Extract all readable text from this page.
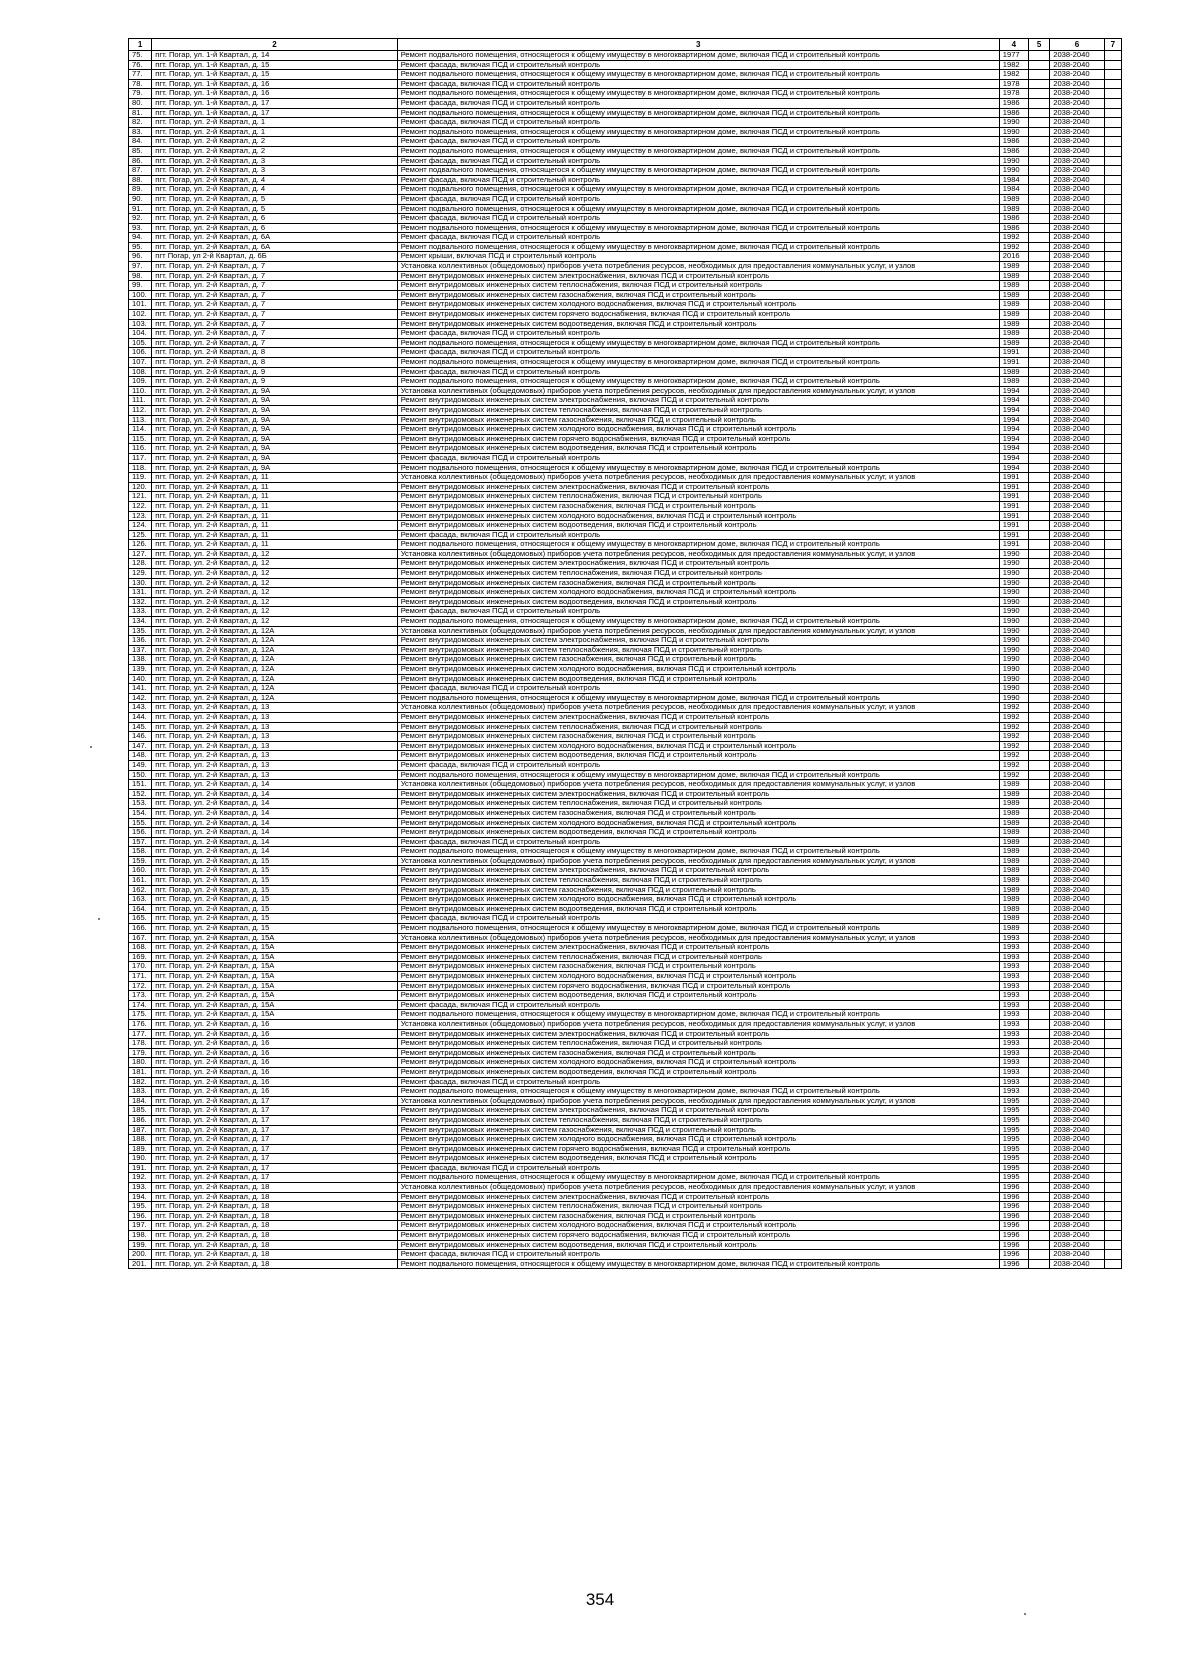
1	2	3	4	5	6	7
75.	пгт. Погар, ул. 1-й Квартал, д. 14	Ремонт подвального помещения, относящегося к общему имуществу в многоквартирном доме, включая ПСД и строительный контроль	1977		2038-2040	
76.	пгт. Погар, ул. 1-й Квартал, д. 15	Ремонт фасада, включая ПСД и строительный контроль	1982		2038-2040	
77.	пгт. Погар, ул. 1-й Квартал, д. 15	Ремонт подвального помещения, относящегося к общему имуществу в многоквартирном доме, включая ПСД и строительный контроль	1982		2038-2040	
78.	пгт. Погар, ул. 1-й Квартал, д. 16	Ремонт фасада, включая ПСД и строительный контроль	1978		2038-2040	
79.	пгт. Погар, ул. 1-й Квартал, д. 16	Ремонт подвального помещения, относящегося к общему имуществу в многоквартирном доме, включая ПСД и строительный контроль	1978		2038-2040	
80.	пгт. Погар, ул. 1-й Квартал, д. 17	Ремонт фасада, включая ПСД и строительный контроль	1986		2038-2040	
81.	пгт. Погар, ул. 1-й Квартал, д. 17	Ремонт подвального помещения, относящегося к общему имуществу в многоквартирном доме, включая ПСД и строительный контроль	1986		2038-2040	
82.	пгт. Погар, ул. 2-й Квартал, д. 1	Ремонт фасада, включая ПСД и строительный контроль	1990		2038-2040	
83.	пгт. Погар, ул. 2-й Квартал, д. 1	Ремонт подвального помещения, относящегося к общему имуществу в многоквартирном доме, включая ПСД и строительный контроль	1990		2038-2040	
84.	пгт. Погар, ул. 2-й Квартал, д. 2	Ремонт фасада, включая ПСД и строительный контроль	1986		2038-2040	
85.	пгт. Погар, ул. 2-й Квартал, д. 2	Ремонт подвального помещения, относящегося к общему имуществу в многоквартирном доме, включая ПСД и строительный контроль	1986		2038-2040	
86.	пгт. Погар, ул. 2-й Квартал, д. 3	Ремонт фасада, включая ПСД и строительный контроль	1990		2038-2040	
87.	пгт. Погар, ул. 2-й Квартал, д. 3	Ремонт подвального помещения, относящегося к общему имуществу в многоквартирном доме, включая ПСД и строительный контроль	1990		2038-2040	
88.	пгт. Погар, ул. 2-й Квартал, д. 4	Ремонт фасада, включая ПСД и строительный контроль	1984		2038-2040	
89.	пгт. Погар, ул. 2-й Квартал, д. 4	Ремонт подвального помещения, относящегося к общему имуществу в многоквартирном доме, включая ПСД и строительный контроль	1984		2038-2040	
90.	пгт. Погар, ул. 2-й Квартал, д. 5	Ремонт фасада, включая ПСД и строительный контроль	1989		2038-2040	
91.	пгт. Погар, ул. 2-й Квартал, д. 5	Ремонт подвального помещения, относящегося к общему имуществу в многоквартирном доме, включая ПСД и строительный контроль	1989		2038-2040	
92.	пгт. Погар, ул. 2-й Квартал, д. 6	Ремонт фасада, включая ПСД и строительный контроль	1986		2038-2040	
93.	пгт. Погар, ул. 2-й Квартал, д. 6	Ремонт подвального помещения, относящегося к общему имуществу в многоквартирном доме, включая ПСД и строительный контроль	1986		2038-2040	
94.	пгт. Погар, ул. 2-й Квартал, д. 6А	Ремонт фасада, включая ПСД и строительный контроль	1992		2038-2040	
95.	пгт. Погар, ул. 2-й Квартал, д. 6А	Ремонт подвального помещения, относящегося к общему имуществу в многоквартирном доме, включая ПСД и строительный контроль	1992		2038-2040	
96.	пгт Погар, ул 2-й Квартал, д. 6Б	Ремонт крыши, включая ПСД и строительный контроль	2016		2038-2040	
97.	пгт. Погар, ул. 2-й Квартал, д. 7	Установка коллективных (общедомовых) приборов учета потребления ресурсов, необходимых для предоставления коммунальных услуг, и узлов	1989		2038-2040	
98.	пгт. Погар, ул. 2-й Квартал, д. 7	Ремонт внутридомовых инженерных систем электроснабжения, включая ПСД и строительный контроль	1989		2038-2040	
99.	пгт. Погар, ул. 2-й Квартал, д. 7	Ремонт внутридомовых инженерных систем теплоснабжения, включая ПСД и строительный контроль	1989		2038-2040	
100.	пгт. Погар, ул. 2-й Квартал, д. 7	Ремонт внутридомовых инженерных систем газоснабжения, включая ПСД и строительный контроль	1989		2038-2040	
101.	пгт. Погар, ул. 2-й Квартал, д. 7	Ремонт внутридомовых инженерных систем холодного водоснабжения, включая ПСД и строительный контроль	1989		2038-2040	
102.	пгт. Погар, ул. 2-й Квартал, д. 7	Ремонт внутридомовых инженерных систем горячего водоснабжения, включая ПСД и строительный контроль	1989		2038-2040	
103.	пгт. Погар, ул. 2-й Квартал, д. 7	Ремонт внутридомовых инженерных систем водоотведения, включая ПСД и строительный контроль	1989		2038-2040	
104.	пгт. Погар, ул. 2-й Квартал, д. 7	Ремонт фасада, включая ПСД и строительный контроль	1989		2038-2040	
105.	пгт. Погар, ул. 2-й Квартал, д. 7	Ремонт подвального помещения, относящегося к общему имуществу в многоквартирном доме, включая ПСД и строительный контроль	1989		2038-2040	
106.	пгт. Погар, ул. 2-й Квартал, д. 8	Ремонт фасада, включая ПСД и строительный контроль	1991		2038-2040	
107.	пгт. Погар, ул. 2-й Квартал, д. 8	Ремонт подвального помещения, относящегося к общему имуществу в многоквартирном доме, включая ПСД и строительный контроль	1991		2038-2040	
108.	пгт. Погар, ул. 2-й Квартал, д. 9	Ремонт фасада, включая ПСД и строительный контроль	1989		2038-2040	
109.	пгт. Погар, ул. 2-й Квартал, д. 9	Ремонт подвального помещения, относящегося к общему имуществу в многоквартирном доме, включая ПСД и строительный контроль	1989		2038-2040	
110.	пгт. Погар, ул. 2-й Квартал, д. 9А	Установка коллективных (общедомовых) приборов учета потребления ресурсов, необходимых для предоставления коммунальных услуг, и узлов	1994		2038-2040	
111.	пгт. Погар, ул. 2-й Квартал, д. 9А	Ремонт внутридомовых инженерных систем электроснабжения, включая ПСД и строительный контроль	1994		2038-2040	
112.	пгт. Погар, ул. 2-й Квартал, д. 9А	Ремонт внутридомовых инженерных систем теплоснабжения, включая ПСД и строительный контроль	1994		2038-2040	
113.	пгт. Погар, ул. 2-й Квартал, д. 9А	Ремонт внутридомовых инженерных систем газоснабжения, включая ПСД и строительный контроль	1994		2038-2040	
114.	пгт. Погар, ул. 2-й Квартал, д. 9А	Ремонт внутридомовых инженерных систем холодного водоснабжения, включая ПСД и строительный контроль	1994		2038-2040	
115.	пгт. Погар, ул. 2-й Квартал, д. 9А	Ремонт внутридомовых инженерных систем горячего водоснабжения, включая ПСД и строительный контроль	1994		2038-2040	
116.	пгт. Погар, ул. 2-й Квартал, д. 9А	Ремонт внутридомовых инженерных систем водоотведения, включая ПСД и строительный контроль	1994		2038-2040	
117.	пгт. Погар, ул. 2-й Квартал, д. 9А	Ремонт фасада, включая ПСД и строительный контроль	1994		2038-2040	
118.	пгт. Погар, ул. 2-й Квартал, д. 9А	Ремонт подвального помещения, относящегося к общему имуществу в многоквартирном доме, включая ПСД и строительный контроль	1994		2038-2040	
119.	пгт. Погар, ул. 2-й Квартал, д. 11	Установка коллективных (общедомовых) приборов учета потребления ресурсов, необходимых для предоставления коммунальных услуг, и узлов	1991		2038-2040	
120.	пгт. Погар, ул. 2-й Квартал, д. 11	Ремонт внутридомовых инженерных систем электроснабжения, включая ПСД и строительный контроль	1991		2038-2040	
121.	пгт. Погар, ул. 2-й Квартал, д. 11	Ремонт внутридомовых инженерных систем теплоснабжения, включая ПСД и строительный контроль	1991		2038-2040	
122.	пгт. Погар, ул. 2-й Квартал, д. 11	Ремонт внутридомовых инженерных систем газоснабжения, включая ПСД и строительный контроль	1991		2038-2040	
123.	пгт. Погар, ул. 2-й Квартал, д. 11	Ремонт внутридомовых инженерных систем холодного водоснабжения, включая ПСД и строительный контроль	1991		2038-2040	
124.	пгт. Погар, ул. 2-й Квартал, д. 11	Ремонт внутридомовых инженерных систем водоотведения, включая ПСД и строительный контроль	1991		2038-2040	
125.	пгт. Погар, ул. 2-й Квартал, д. 11	Ремонт фасада, включая ПСД и строительный контроль	1991		2038-2040	
126.	пгт. Погар, ул. 2-й Квартал, д. 11	Ремонт подвального помещения, относящегося к общему имуществу в многоквартирном доме, включая ПСД и строительный контроль	1991		2038-2040	
127.	пгт. Погар, ул. 2-й Квартал, д. 12	Установка коллективных (общедомовых) приборов учета потребления ресурсов, необходимых для предоставления коммунальных услуг, и узлов	1990		2038-2040	
128.	пгт. Погар, ул. 2-й Квартал, д. 12	Ремонт внутридомовых инженерных систем электроснабжения, включая ПСД и строительный контроль	1990		2038-2040	
129.	пгт. Погар, ул. 2-й Квартал, д. 12	Ремонт внутридомовых инженерных систем теплоснабжения, включая ПСД и строительный контроль	1990		2038-2040	
130.	пгт. Погар, ул. 2-й Квартал, д. 12	Ремонт внутридомовых инженерных систем газоснабжения, включая ПСД и строительный контроль	1990		2038-2040	
131.	пгт. Погар, ул. 2-й Квартал, д. 12	Ремонт внутридомовых инженерных систем холодного водоснабжения, включая ПСД и строительный контроль	1990		2038-2040	
132.	пгт. Погар, ул. 2-й Квартал, д. 12	Ремонт внутридомовых инженерных систем водоотведения, включая ПСД и строительный контроль	1990		2038-2040	
133.	пгт. Погар, ул. 2-й Квартал, д. 12	Ремонт фасада, включая ПСД и строительный контроль	1990		2038-2040	
134.	пгт. Погар, ул. 2-й Квартал, д. 12	Ремонт подвального помещения, относящегося к общему имуществу в многоквартирном доме, включая ПСД и строительный контроль	1990		2038-2040	
135.	пгт. Погар, ул. 2-й Квартал, д. 12А	Установка коллективных (общедомовых) приборов учета потребления ресурсов, необходимых для предоставления коммунальных услуг, и узлов	1990		2038-2040	
136.	пгт. Погар, ул. 2-й Квартал, д. 12А	Ремонт внутридомовых инженерных систем электроснабжения, включая ПСД и строительный контроль	1990		2038-2040	
137.	пгт. Погар, ул. 2-й Квартал, д. 12А	Ремонт внутридомовых инженерных систем теплоснабжения, включая ПСД и строительный контроль	1990		2038-2040	
138.	пгт. Погар, ул. 2-й Квартал, д. 12А	Ремонт внутридомовых инженерных систем газоснабжения, включая ПСД и строительный контроль	1990		2038-2040	
139.	пгт. Погар, ул. 2-й Квартал, д. 12А	Ремонт внутридомовых инженерных систем холодного водоснабжения, включая ПСД и строительный контроль	1990		2038-2040	
140.	пгт. Погар, ул. 2-й Квартал, д. 12А	Ремонт внутридомовых инженерных систем водоотведения, включая ПСД и строительный контроль	1990		2038-2040	
141.	пгт. Погар, ул. 2-й Квартал, д. 12А	Ремонт фасада, включая ПСД и строительный контроль	1990		2038-2040	
142.	пгт. Погар, ул. 2-й Квартал, д. 12А	Ремонт подвального помещения, относящегося к общему имуществу в многоквартирном доме, включая ПСД и строительный контроль	1990		2038-2040	
143.	пгт. Погар, ул. 2-й Квартал, д. 13	Установка коллективных (общедомовых) приборов учета потребления ресурсов, необходимых для предоставления коммунальных услуг, и узлов	1992		2038-2040	
144.	пгт. Погар, ул. 2-й Квартал, д. 13	Ремонт внутридомовых инженерных систем электроснабжения, включая ПСД и строительный контроль	1992		2038-2040	
145.	пгт. Погар, ул. 2-й Квартал, д. 13	Ремонт внутридомовых инженерных систем теплоснабжения, включая ПСД и строительный контроль	1992		2038-2040	
146.	пгт. Погар, ул. 2-й Квартал, д. 13	Ремонт внутридомовых инженерных систем газоснабжения, включая ПСД и строительный контроль	1992		2038-2040	
147.	пгт. Погар, ул. 2-й Квартал, д. 13	Ремонт внутридомовых инженерных систем холодного водоснабжения, включая ПСД и строительный контроль	1992		2038-2040	
148.	пгт. Погар, ул. 2-й Квартал, д. 13	Ремонт внутридомовых инженерных систем водоотведения, включая ПСД и строительный контроль	1992		2038-2040	
149.	пгт. Погар, ул. 2-й Квартал, д. 13	Ремонт фасада, включая ПСД и строительный контроль	1992		2038-2040	
150.	пгт. Погар, ул. 2-й Квартал, д. 13	Ремонт подвального помещения, относящегося к общему имуществу в многоквартирном доме, включая ПСД и строительный контроль	1992		2038-2040	
151.	пгт. Погар, ул. 2-й Квартал, д. 14	Установка коллективных (общедомовых) приборов учета потребления ресурсов, необходимых для предоставления коммунальных услуг, и узлов	1989		2038-2040	
152.	пгт. Погар, ул. 2-й Квартал, д. 14	Ремонт внутридомовых инженерных систем электроснабжения, включая ПСД и строительный контроль	1989		2038-2040	
153.	пгт. Погар, ул. 2-й Квартал, д. 14	Ремонт внутридомовых инженерных систем теплоснабжения, включая ПСД и строительный контроль	1989		2038-2040	
154.	пгт. Погар, ул. 2-й Квартал, д. 14	Ремонт внутридомовых инженерных систем газоснабжения, включая ПСД и строительный контроль	1989		2038-2040	
155.	пгт. Погар, ул. 2-й Квартал, д. 14	Ремонт внутридомовых инженерных систем холодного водоснабжения, включая ПСД и строительный контроль	1989		2038-2040	
156.	пгт. Погар, ул. 2-й Квартал, д. 14	Ремонт внутридомовых инженерных систем водоотведения, включая ПСД и строительный контроль	1989		2038-2040	
157.	пгт. Погар, ул. 2-й Квартал, д. 14	Ремонт фасада, включая ПСД и строительный контроль	1989		2038-2040	
158.	пгт. Погар, ул. 2-й Квартал, д. 14	Ремонт подвального помещения, относящегося к общему имуществу в многоквартирном доме, включая ПСД и строительный контроль	1989		2038-2040	
159.	пгт. Погар, ул. 2-й Квартал, д. 15	Установка коллективных (общедомовых) приборов учета потребления ресурсов, необходимых для предоставления коммунальных услуг, и узлов	1989		2038-2040	
160.	пгт. Погар, ул. 2-й Квартал, д. 15	Ремонт внутридомовых инженерных систем электроснабжения, включая ПСД и строительный контроль	1989		2038-2040	
161.	пгт. Погар, ул. 2-й Квартал, д. 15	Ремонт внутридомовых инженерных систем теплоснабжения, включая ПСД и строительный контроль	1989		2038-2040	
162.	пгт. Погар, ул. 2-й Квартал, д. 15	Ремонт внутридомовых инженерных систем газоснабжения, включая ПСД и строительный контроль	1989		2038-2040	
163.	пгт. Погар, ул. 2-й Квартал, д. 15	Ремонт внутридомовых инженерных систем холодного водоснабжения, включая ПСД и строительный контроль	1989		2038-2040	
164.	пгт. Погар, ул. 2-й Квартал, д. 15	Ремонт внутридомовых инженерных систем водоотведения, включая ПСД и строительный контроль	1989		2038-2040	
165.	пгт. Погар, ул. 2-й Квартал, д. 15	Ремонт фасада, включая ПСД и строительный контроль	1989		2038-2040	
166.	пгт. Погар, ул. 2-й Квартал, д. 15	Ремонт подвального помещения, относящегося к общему имуществу в многоквартирном доме, включая ПСД и строительный контроль	1989		2038-2040	
167.	пгт. Погар, ул. 2-й Квартал, д. 15А	Установка коллективных (общедомовых) приборов учета потребления ресурсов, необходимых для предоставления коммунальных услуг, и узлов	1993		2038-2040	
168.	пгт. Погар, ул. 2-й Квартал, д. 15А	Ремонт внутридомовых инженерных систем электроснабжения, включая ПСД и строительный контроль	1993		2038-2040	
169.	пгт. Погар, ул. 2-й Квартал, д. 15А	Ремонт внутридомовых инженерных систем теплоснабжения, включая ПСД и строительный контроль	1993		2038-2040	
170.	пгт. Погар, ул. 2-й Квартал, д. 15А	Ремонт внутридомовых инженерных систем газоснабжения, включая ПСД и строительный контроль	1993		2038-2040	
171.	пгт. Погар, ул. 2-й Квартал, д. 15А	Ремонт внутридомовых инженерных систем холодного водоснабжения, включая ПСД и строительный контроль	1993		2038-2040	
172.	пгт. Погар, ул. 2-й Квартал, д. 15А	Ремонт внутридомовых инженерных систем горячего водоснабжения, включая ПСД и строительный контроль	1993		2038-2040	
173.	пгт. Погар, ул. 2-й Квартал, д. 15А	Ремонт внутридомовых инженерных систем водоотведения, включая ПСД и строительный контроль	1993		2038-2040	
174.	пгт. Погар, ул. 2-й Квартал, д. 15А	Ремонт фасада, включая ПСД и строительный контроль	1993		2038-2040	
175.	пгт. Погар, ул. 2-й Квартал, д. 15А	Ремонт подвального помещения, относящегося к общему имуществу в многоквартирном доме, включая ПСД и строительный контроль	1993		2038-2040	
176.	пгт. Погар, ул. 2-й Квартал, д. 16	Установка коллективных (общедомовых) приборов учета потребления ресурсов, необходимых для предоставления коммунальных услуг, и узлов	1993		2038-2040	
177.	пгт. Погар, ул. 2-й Квартал, д. 16	Ремонт внутридомовых инженерных систем электроснабжения, включая ПСД и строительный контроль	1993		2038-2040	
178.	пгт. Погар, ул. 2-й Квартал, д. 16	Ремонт внутридомовых инженерных систем теплоснабжения, включая ПСД и строительный контроль	1993		2038-2040	
179.	пгт. Погар, ул. 2-й Квартал, д. 16	Ремонт внутридомовых инженерных систем газоснабжения, включая ПСД и строительный контроль	1993		2038-2040	
180.	пгт. Погар, ул. 2-й Квартал, д. 16	Ремонт внутридомовых инженерных систем холодного водоснабжения, включая ПСД и строительный контроль	1993		2038-2040	
181.	пгт. Погар, ул. 2-й Квартал, д. 16	Ремонт внутридомовых инженерных систем водоотведения, включая ПСД и строительный контроль	1993		2038-2040	
182.	пгт. Погар, ул. 2-й Квартал, д. 16	Ремонт фасада, включая ПСД и строительный контроль	1993		2038-2040	
183.	пгт. Погар, ул. 2-й Квартал, д. 16	Ремонт подвального помещения, относящегося к общему имуществу в многоквартирном доме, включая ПСД и строительный контроль	1993		2038-2040	
184.	пгт. Погар, ул. 2-й Квартал, д. 17	Установка коллективных (общедомовых) приборов учета потребления ресурсов, необходимых для предоставления коммунальных услуг, и узлов	1995		2038-2040	
185.	пгт. Погар, ул. 2-й Квартал, д. 17	Ремонт внутридомовых инженерных систем электроснабжения, включая ПСД и строительный контроль	1995		2038-2040	
186.	пгт. Погар, ул. 2-й Квартал, д. 17	Ремонт внутридомовых инженерных систем теплоснабжения, включая ПСД и строительный контроль	1995		2038-2040	
187.	пгт. Погар, ул. 2-й Квартал, д. 17	Ремонт внутридомовых инженерных систем газоснабжения, включая ПСД и строительный контроль	1995		2038-2040	
188.	пгт. Погар, ул. 2-й Квартал, д. 17	Ремонт внутридомовых инженерных систем холодного водоснабжения, включая ПСД и строительный контроль	1995		2038-2040	
189.	пгт. Погар, ул. 2-й Квартал, д. 17	Ремонт внутридомовых инженерных систем горячего водоснабжения, включая ПСД и строительный контроль	1995		2038-2040	
190.	пгт. Погар, ул. 2-й Квартал, д. 17	Ремонт внутридомовых инженерных систем водоотведения, включая ПСД и строительный контроль	1995		2038-2040	
191.	пгт. Погар, ул. 2-й Квартал, д. 17	Ремонт фасада, включая ПСД и строительный контроль	1995		2038-2040	
192.	пгт. Погар, ул. 2-й Квартал, д. 17	Ремонт подвального помещения, относящегося к общему имуществу в многоквартирном доме, включая ПСД и строительный контроль	1995		2038-2040	
193.	пгт. Погар, ул. 2-й Квартал, д. 18	Установка коллективных (общедомовых) приборов учета потребления ресурсов, необходимых для предоставления коммунальных услуг, и узлов	1996		2038-2040	
194.	пгт. Погар, ул. 2-й Квартал, д. 18	Ремонт внутридомовых инженерных систем электроснабжения, включая ПСД и строительный контроль	1996		2038-2040	
195.	пгт. Погар, ул. 2-й Квартал, д. 18	Ремонт внутридомовых инженерных систем теплоснабжения, включая ПСД и строительный контроль	1996		2038-2040	
196.	пгт. Погар, ул. 2-й Квартал, д. 18	Ремонт внутридомовых инженерных систем газоснабжения, включая ПСД и строительный контроль	1996		2038-2040	
197.	пгт. Погар, ул. 2-й Квартал, д. 18	Ремонт внутридомовых инженерных систем холодного водоснабжения, включая ПСД и строительный контроль	1996		2038-2040	
198.	пгт. Погар, ул. 2-й Квартал, д. 18	Ремонт внутридомовых инженерных систем горячего водоснабжения, включая ПСД и строительный контроль	1996		2038-2040	
199.	пгт. Погар, ул. 2-й Квартал, д. 18	Ремонт внутридомовых инженерных систем водоотведения, включая ПСД и строительный контроль	1996		2038-2040	
200.	пгт. Погар, ул. 2-й Квартал, д. 18	Ремонт фасада, включая ПСД и строительный контроль	1996		2038-2040	
201.	пгт. Погар, ул. 2-й Квартал, д. 18	Ремонт подвального помещения, относящегося к общему имуществу в многоквартирном доме, включая ПСД и строительный контроль	1996		2038-2040	
354
